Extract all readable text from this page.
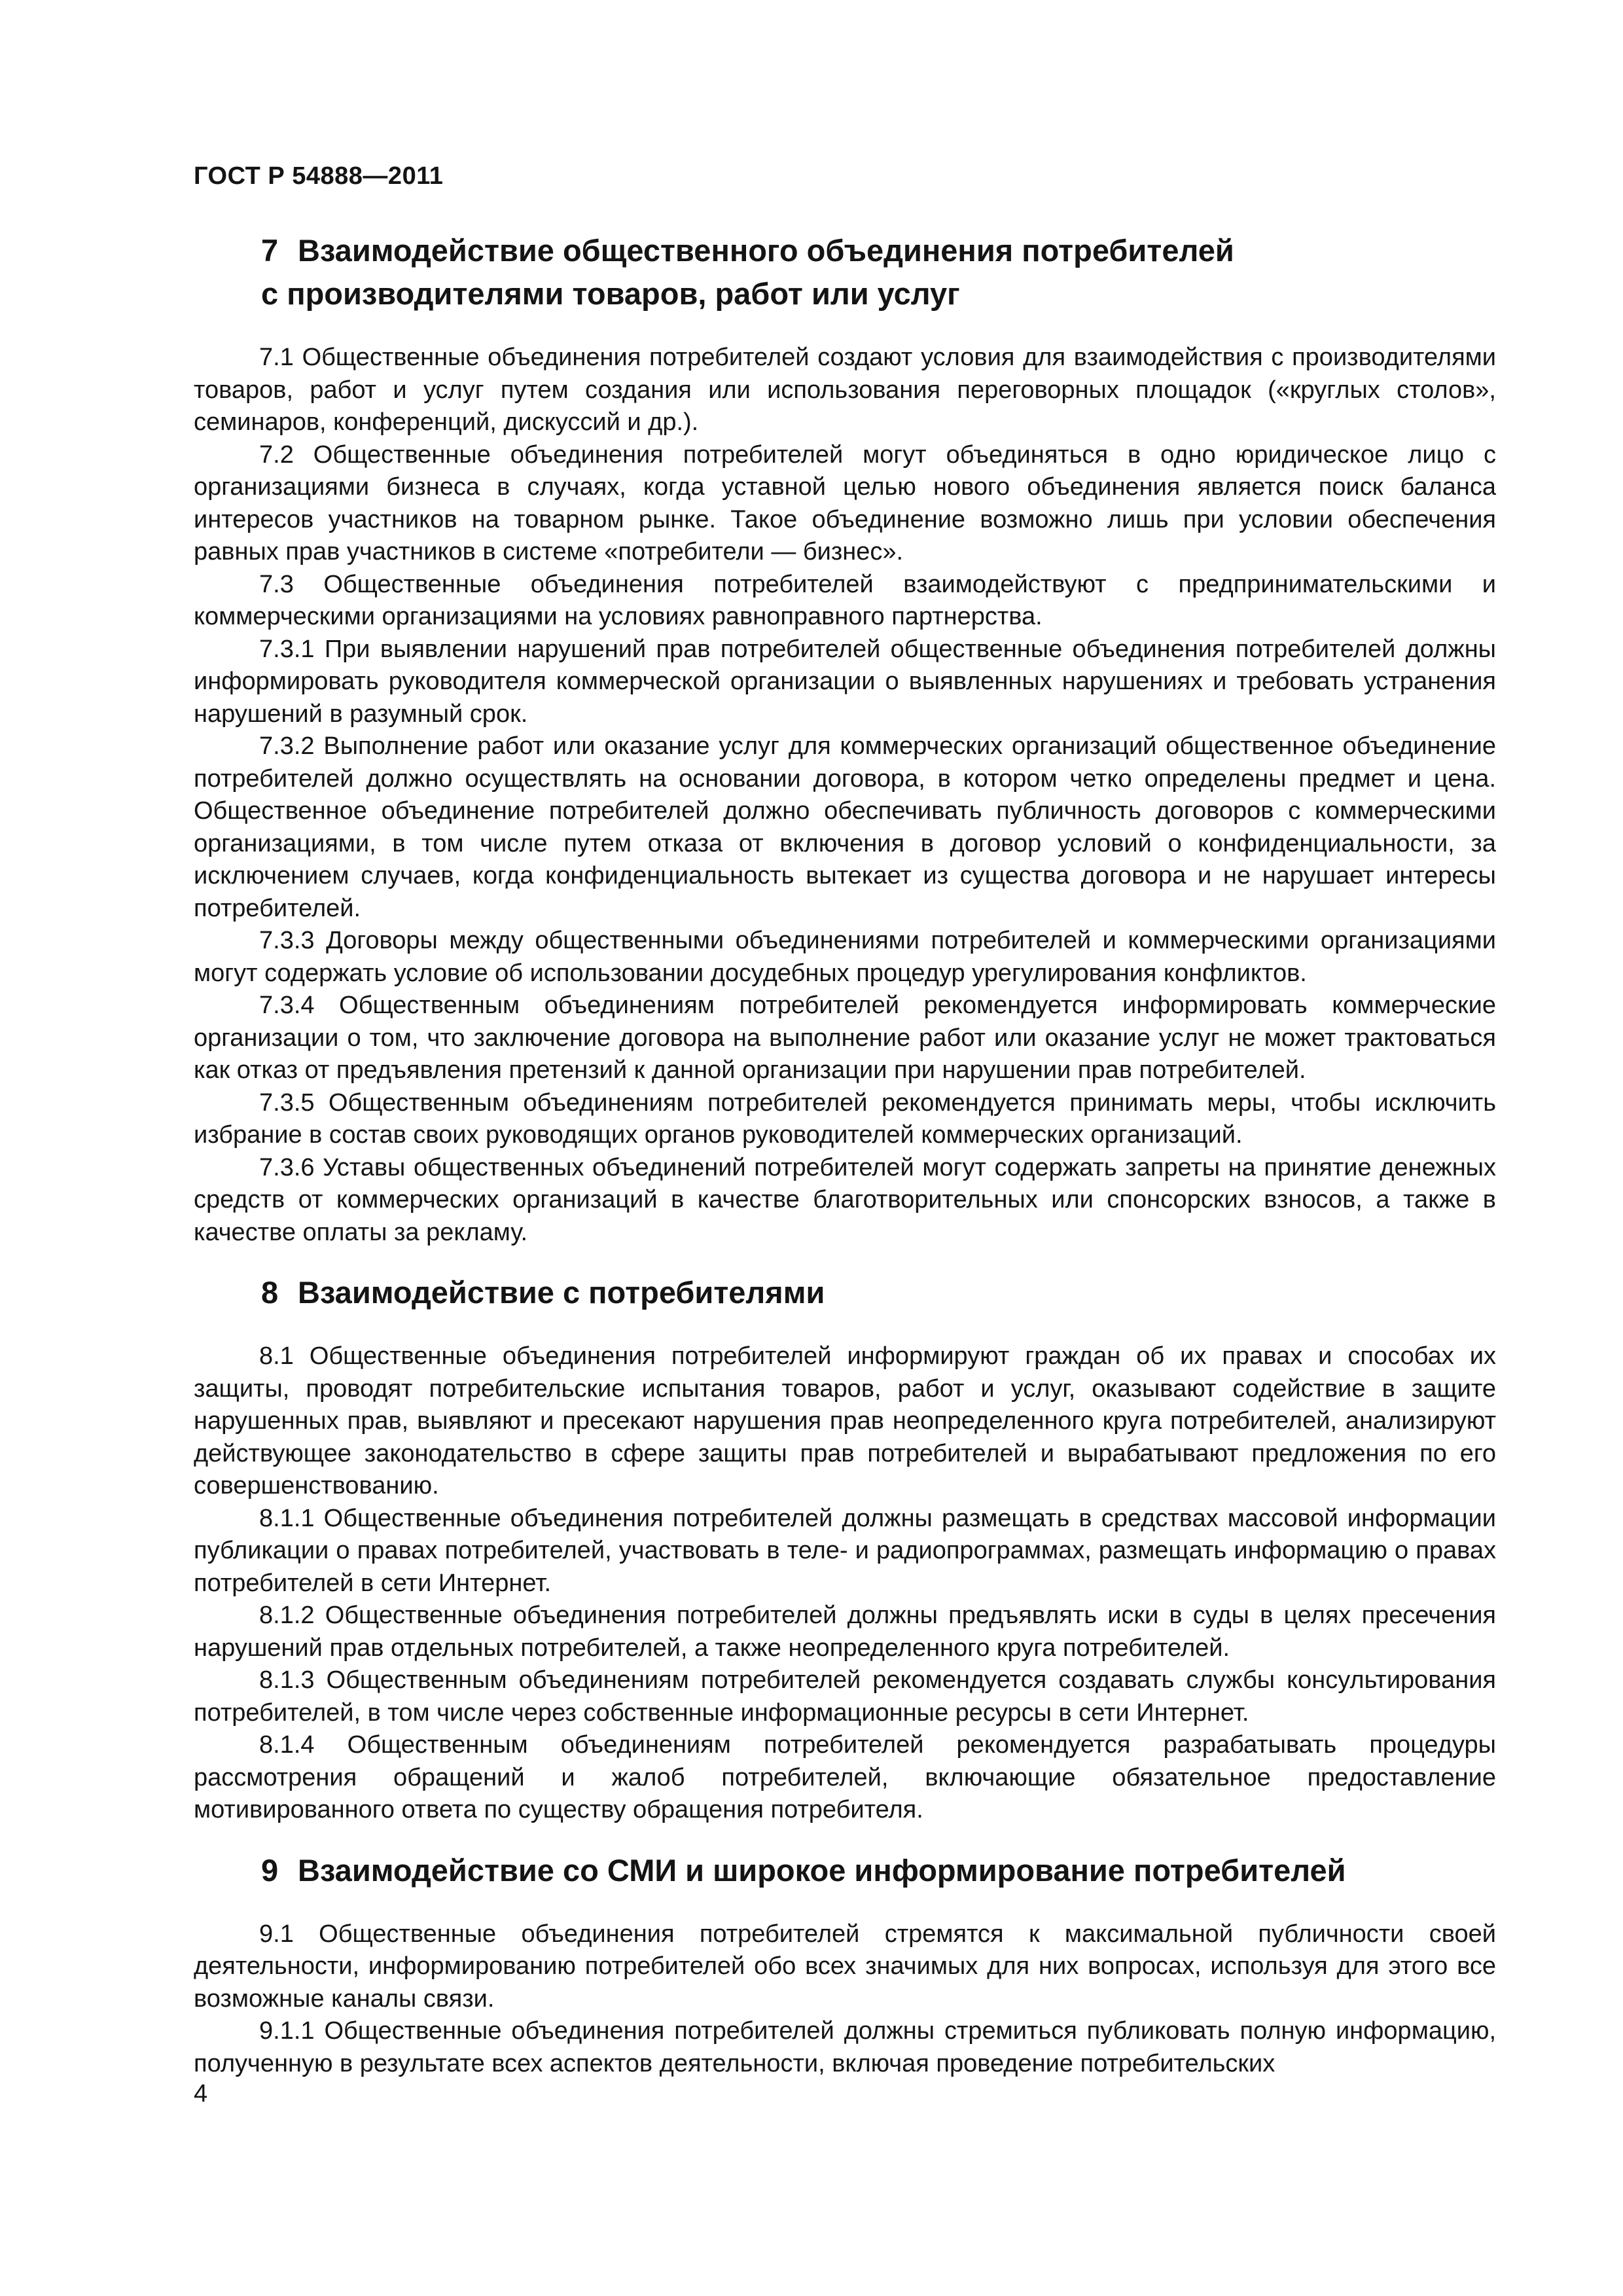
ГОСТ Р 54888—2011
7 Взаимодействие общественного объединения потребителей
с производителями товаров, работ или услуг

7.1 Общественные объединения потребителей создают условия для взаимодействия с производителями товаров, работ и услуг путем создания или использования переговорных площадок («круглых столов», семинаров, конференций, дискуссий и др.).

7.2 Общественные объединения потребителей могут объединяться в одно юридическое лицо с организациями бизнеса в случаях, когда уставной целью нового объединения является поиск баланса интересов участников на товарном рынке. Такое объединение возможно лишь при условии обеспечения равных прав участников в системе «потребители — бизнес».

7.3 Общественные объединения потребителей взаимодействуют с предпринимательскими и коммерческими организациями на условиях равноправного партнерства.

7.3.1 При выявлении нарушений прав потребителей общественные объединения потребителей должны информировать руководителя коммерческой организации о выявленных нарушениях и требовать устранения нарушений в разумный срок.

7.3.2 Выполнение работ или оказание услуг для коммерческих организаций общественное объединение потребителей должно осуществлять на основании договора, в котором четко определены предмет и цена. Общественное объединение потребителей должно обеспечивать публичность договоров с коммерческими организациями, в том числе путем отказа от включения в договор условий о конфиденциальности, за исключением случаев, когда конфиденциальность вытекает из существа договора и не нарушает интересы потребителей.

7.3.3 Договоры между общественными объединениями потребителей и коммерческими организациями могут содержать условие об использовании досудебных процедур урегулирования конфликтов.

7.3.4 Общественным объединениям потребителей рекомендуется информировать коммерческие организации о том, что заключение договора на выполнение работ или оказание услуг не может трактоваться как отказ от предъявления претензий к данной организации при нарушении прав потребителей.

7.3.5 Общественным объединениям потребителей рекомендуется принимать меры, чтобы исключить избрание в состав своих руководящих органов руководителей коммерческих организаций.

7.3.6 Уставы общественных объединений потребителей могут содержать запреты на принятие денежных средств от коммерческих организаций в качестве благотворительных или спонсорских взносов, а также в качестве оплаты за рекламу.

8 Взаимодействие с потребителями

8.1 Общественные объединения потребителей информируют граждан об их правах и способах их защиты, проводят потребительские испытания товаров, работ и услуг, оказывают содействие в защите нарушенных прав, выявляют и пресекают нарушения прав неопределенного круга потребителей, анализируют действующее законодательство в сфере защиты прав потребителей и вырабатывают предложения по его совершенствованию.

8.1.1 Общественные объединения потребителей должны размещать в средствах массовой информации публикации о правах потребителей, участвовать в теле- и радиопрограммах, размещать информацию о правах потребителей в сети Интернет.

8.1.2 Общественные объединения потребителей должны предъявлять иски в суды в целях пресечения нарушений прав отдельных потребителей, а также неопределенного круга потребителей.

8.1.3 Общественным объединениям потребителей рекомендуется создавать службы консультирования потребителей, в том числе через собственные информационные ресурсы в сети Интернет.

8.1.4 Общественным объединениям потребителей рекомендуется разрабатывать процедуры рассмотрения обращений и жалоб потребителей, включающие обязательное предоставление мотивированного ответа по существу обращения потребителя.

9 Взаимодействие со СМИ и широкое информирование потребителей

9.1 Общественные объединения потребителей стремятся к максимальной публичности своей деятельности, информированию потребителей обо всех значимых для них вопросах, используя для этого все возможные каналы связи.

9.1.1 Общественные объединения потребителей должны стремиться публиковать полную информацию, полученную в результате всех аспектов деятельности, включая проведение потребительских

4
